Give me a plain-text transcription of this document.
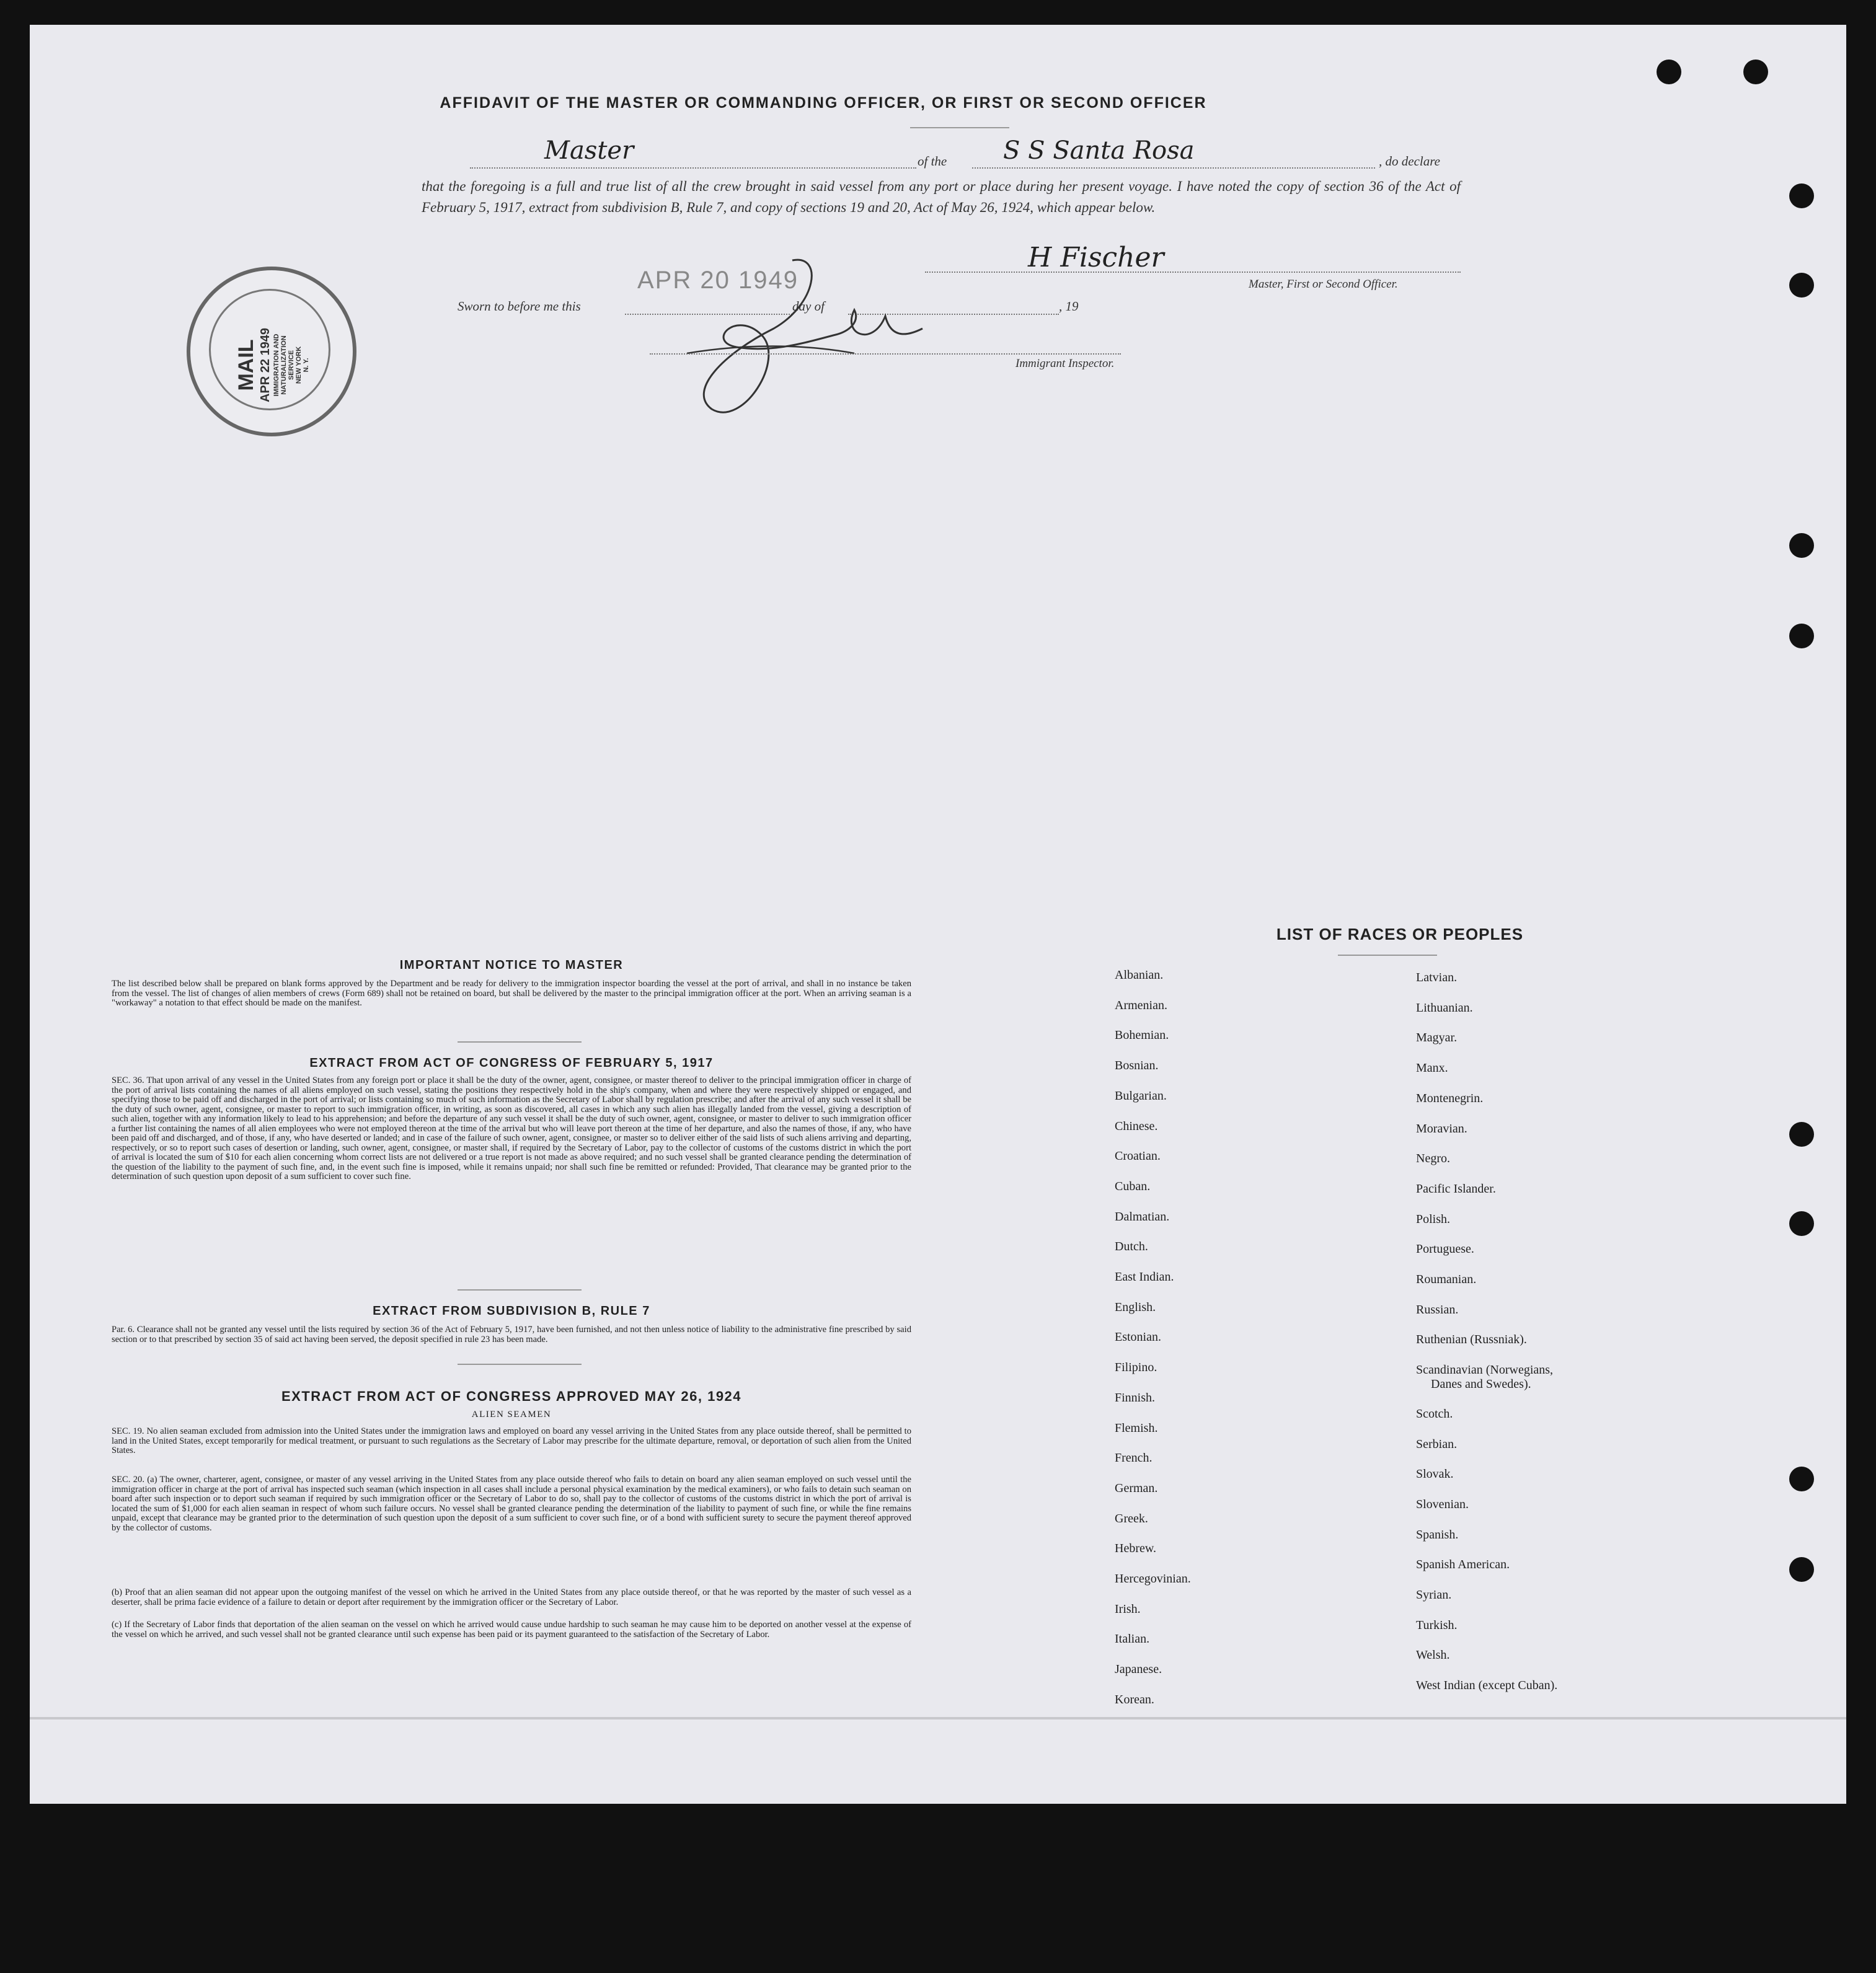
AFFIDAVIT OF THE MASTER OR COMMANDING OFFICER, OR FIRST OR SECOND OFFICER
Master	of the S S Santa Rosa	, do declare
that the foregoing is a full and true list of all the crew brought in said vessel from any port or place during her present voyage. I have noted the copy of section 36 of the Act of February 5, 1917, extract from subdivision B, Rule 7, and copy of sections 19 and 20, Act of May 26, 1924, which appear below.
H Fischer
Master, First or Second Officer.
APR 20 1949
Sworn to before me this	day of	, 19
Immigrant Inspector.
MAIL APR 22 1949 IMMIGRATION AND NATURALIZATION SERVICE NEW YORK N. Y.
IMPORTANT NOTICE TO MASTER
The list described below shall be prepared on blank forms approved by the Department and be ready for delivery to the immigration inspector boarding the vessel at the port of arrival, and shall in no instance be taken from the vessel. The list of changes of alien members of crews (Form 689) shall not be retained on board, but shall be delivered by the master to the principal immigration officer at the port. When an arriving seaman is a "workaway" a notation to that effect should be made on the manifest.
EXTRACT FROM ACT OF CONGRESS OF FEBRUARY 5, 1917
SEC. 36. That upon arrival of any vessel in the United States from any foreign port or place it shall be the duty of the owner, agent, consignee, or master thereof to deliver to the principal immigration officer in charge of the port of arrival lists containing the names of all aliens employed on such vessel, stating the positions they respectively hold in the ship's company, when and where they were respectively shipped or engaged, and specifying those to be paid off and discharged in the port of arrival; or lists containing so much of such information as the Secretary of Labor shall by regulation prescribe; and after the arrival of any such vessel it shall be the duty of such owner, agent, consignee, or master to report to such immigration officer, in writing, as soon as discovered, all cases in which any such alien has illegally landed from the vessel, giving a description of such alien, together with any information likely to lead to his apprehension; and before the departure of any such vessel it shall be the duty of such owner, agent, consignee, or master to deliver to such immigration officer a further list containing the names of all alien employees who were not employed thereon at the time of the arrival but who will leave port thereon at the time of her departure, and also the names of those, if any, who have been paid off and discharged, and of those, if any, who have deserted or landed; and in case of the failure of such owner, agent, consignee, or master so to deliver either of the said lists of such aliens arriving and departing, respectively, or so to report such cases of desertion or landing, such owner, agent, consignee, or master shall, if required by the Secretary of Labor, pay to the collector of customs of the customs district in which the port of arrival is located the sum of $10 for each alien concerning whom correct lists are not delivered or a true report is not made as above required; and no such vessel shall be granted clearance pending the determination of the question of the liability to the payment of such fine, and, in the event such fine is imposed, while it remains unpaid; nor shall such fine be remitted or refunded: Provided, That clearance may be granted prior to the determination of such question upon deposit of a sum sufficient to cover such fine.
EXTRACT FROM SUBDIVISION B, RULE 7
Par. 6. Clearance shall not be granted any vessel until the lists required by section 36 of the Act of February 5, 1917, have been furnished, and not then unless notice of liability to the administrative fine prescribed by said section or to that prescribed by section 35 of said act having been served, the deposit specified in rule 23 has been made.
EXTRACT FROM ACT OF CONGRESS APPROVED MAY 26, 1924
ALIEN SEAMEN
SEC. 19. No alien seaman excluded from admission into the United States under the immigration laws and employed on board any vessel arriving in the United States from any place outside thereof, shall be permitted to land in the United States, except temporarily for medical treatment, or pursuant to such regulations as the Secretary of Labor may prescribe for the ultimate departure, removal, or deportation of such alien from the United States.
SEC. 20. (a) The owner, charterer, agent, consignee, or master of any vessel arriving in the United States from any place outside thereof who fails to detain on board any alien seaman employed on such vessel until the immigration officer in charge at the port of arrival has inspected such seaman (which inspection in all cases shall include a personal physical examination by the medical examiners), or who fails to detain such seaman on board after such inspection or to deport such seaman if required by such immigration officer or the Secretary of Labor to do so, shall pay to the collector of customs of the customs district in which the port of arrival is located the sum of $1,000 for each alien seaman in respect of whom such failure occurs. No vessel shall be granted clearance pending the determination of the liability to payment of such fine, or while the fine remains unpaid, except that clearance may be granted prior to the determination of such question upon the deposit of a sum sufficient to cover such fine, or of a bond with sufficient surety to secure the payment thereof approved by the collector of customs.
(b) Proof that an alien seaman did not appear upon the outgoing manifest of the vessel on which he arrived in the United States from any place outside thereof, or that he was reported by the master of such vessel as a deserter, shall be prima facie evidence of a failure to detain or deport after requirement by the immigration officer or the Secretary of Labor.
(c) If the Secretary of Labor finds that deportation of the alien seaman on the vessel on which he arrived would cause undue hardship to such seaman he may cause him to be deported on another vessel at the expense of the vessel on which he arrived, and such vessel shall not be granted clearance until such expense has been paid or its payment guaranteed to the satisfaction of the Secretary of Labor.
LIST OF RACES OR PEOPLES
Albanian.
Armenian.
Bohemian.
Bosnian.
Bulgarian.
Chinese.
Croatian.
Cuban.
Dalmatian.
Dutch.
East Indian.
English.
Estonian.
Filipino.
Finnish.
Flemish.
French.
German.
Greek.
Hebrew.
Hercegovinian.
Irish.
Italian.
Japanese.
Korean.
Latvian.
Lithuanian.
Magyar.
Manx.
Montenegrin.
Moravian.
Negro.
Pacific Islander.
Polish.
Portuguese.
Roumanian.
Russian.
Ruthenian (Russniak).
Scandinavian (Norwegians,
Danes and Swedes).
Scotch.
Serbian.
Slovak.
Slovenian.
Spanish.
Spanish American.
Syrian.
Turkish.
Welsh.
West Indian (except Cuban).
